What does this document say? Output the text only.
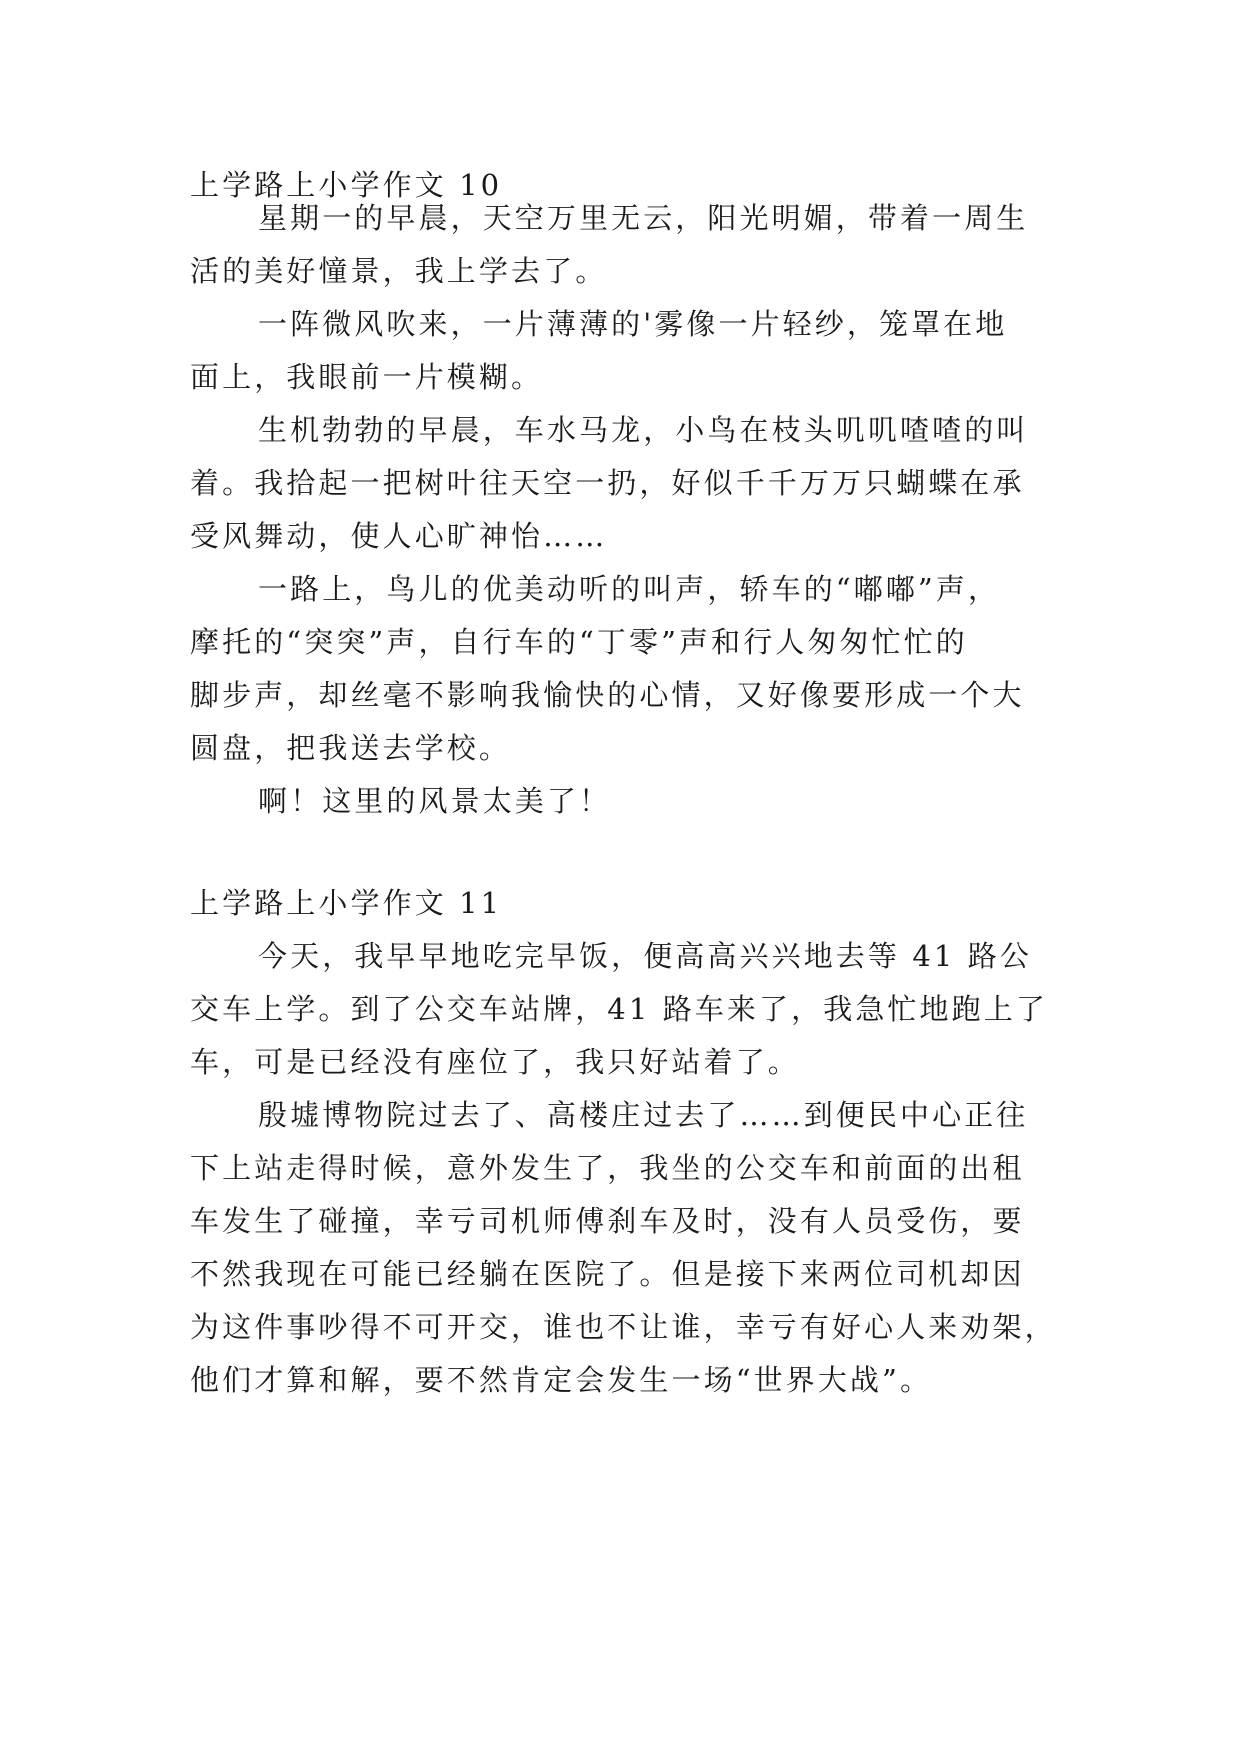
上学路上小学作文 10
星期一的早晨，天空万里无云，阳光明媚，带着一周生
活的美好憧景，我上学去了。
一阵微风吹来，一片薄薄的'雾像一片轻纱，笼罩在地
面上，我眼前一片模糊。
生机勃勃的早晨，车水马龙，小鸟在枝头叽叽喳喳的叫
着。我拾起一把树叶往天空一扔，好似千千万万只蝴蝶在承
受风舞动，使人心旷神怡……
一路上，鸟儿的优美动听的叫声，轿车的“嘟嘟”声，
摩托的“突突”声，自行车的“丁零”声和行人匆匆忙忙的
脚步声，却丝毫不影响我愉快的心情，又好像要形成一个大
圆盘，把我送去学校。
啊！这里的风景太美了！
上学路上小学作文 11
今天，我早早地吃完早饭，便高高兴兴地去等 41 路公
交车上学。到了公交车站牌，41 路车来了，我急忙地跑上了
车，可是已经没有座位了，我只好站着了。
殷墟博物院过去了、高楼庄过去了……到便民中心正往
下上站走得时候，意外发生了，我坐的公交车和前面的出租
车发生了碰撞，幸亏司机师傅刹车及时，没有人员受伤，要
不然我现在可能已经躺在医院了。但是接下来两位司机却因
为这件事吵得不可开交，谁也不让谁，幸亏有好心人来劝架，
他们才算和解，要不然肯定会发生一场“世界大战”。
